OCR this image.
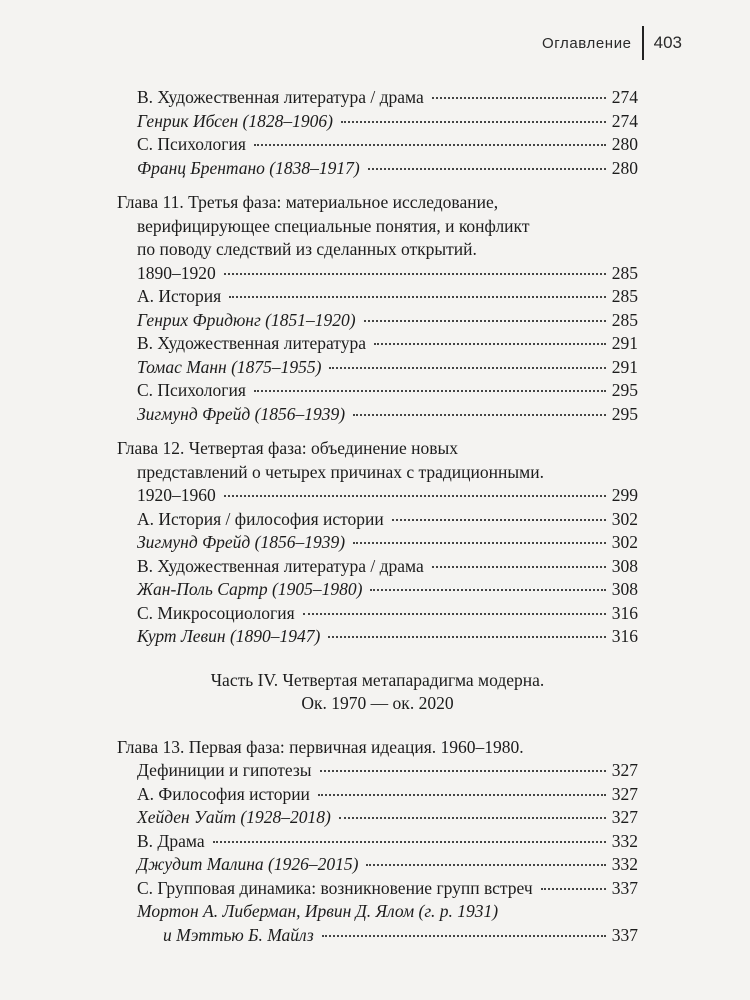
Оглавление	403
B. Художественная литература / драма	274
Генрик Ибсен (1828–1906)	274
C. Психология	280
Франц Брентано (1838–1917)	280
Глава 11. Третья фаза: материальное исследование,
верифицирующее специальные понятия, и конфликт
по поводу следствий из сделанных открытий.
1890–1920	285
A. История	285
Генрих Фридюнг (1851–1920)	285
B. Художественная литература	291
Томас Манн (1875–1955)	291
C. Психология	295
Зигмунд Фрейд (1856–1939)	295
Глава 12. Четвертая фаза: объединение новых
представлений о четырех причинах с традиционными.
1920–1960	299
A. История / философия истории	302
Зигмунд Фрейд (1856–1939)	302
B. Художественная литература / драма	308
Жан-Поль Сартр (1905–1980)	308
C. Микросоциология	316
Курт Левин (1890–1947)	316
Часть IV. Четвертая метапарадигма модерна.
Ок. 1970 — ок. 2020
Глава 13. Первая фаза: первичная идеация. 1960–1980.
Дефиниции и гипотезы	327
A. Философия истории	327
Хейден Уайт (1928–2018)	327
B. Драма	332
Джудит Малина (1926–2015)	332
C. Групповая динамика: возникновение групп встреч	337
Мортон А. Либерман, Ирвин Д. Ялом (г. р. 1931)
и Мэттью Б. Майлз	337
